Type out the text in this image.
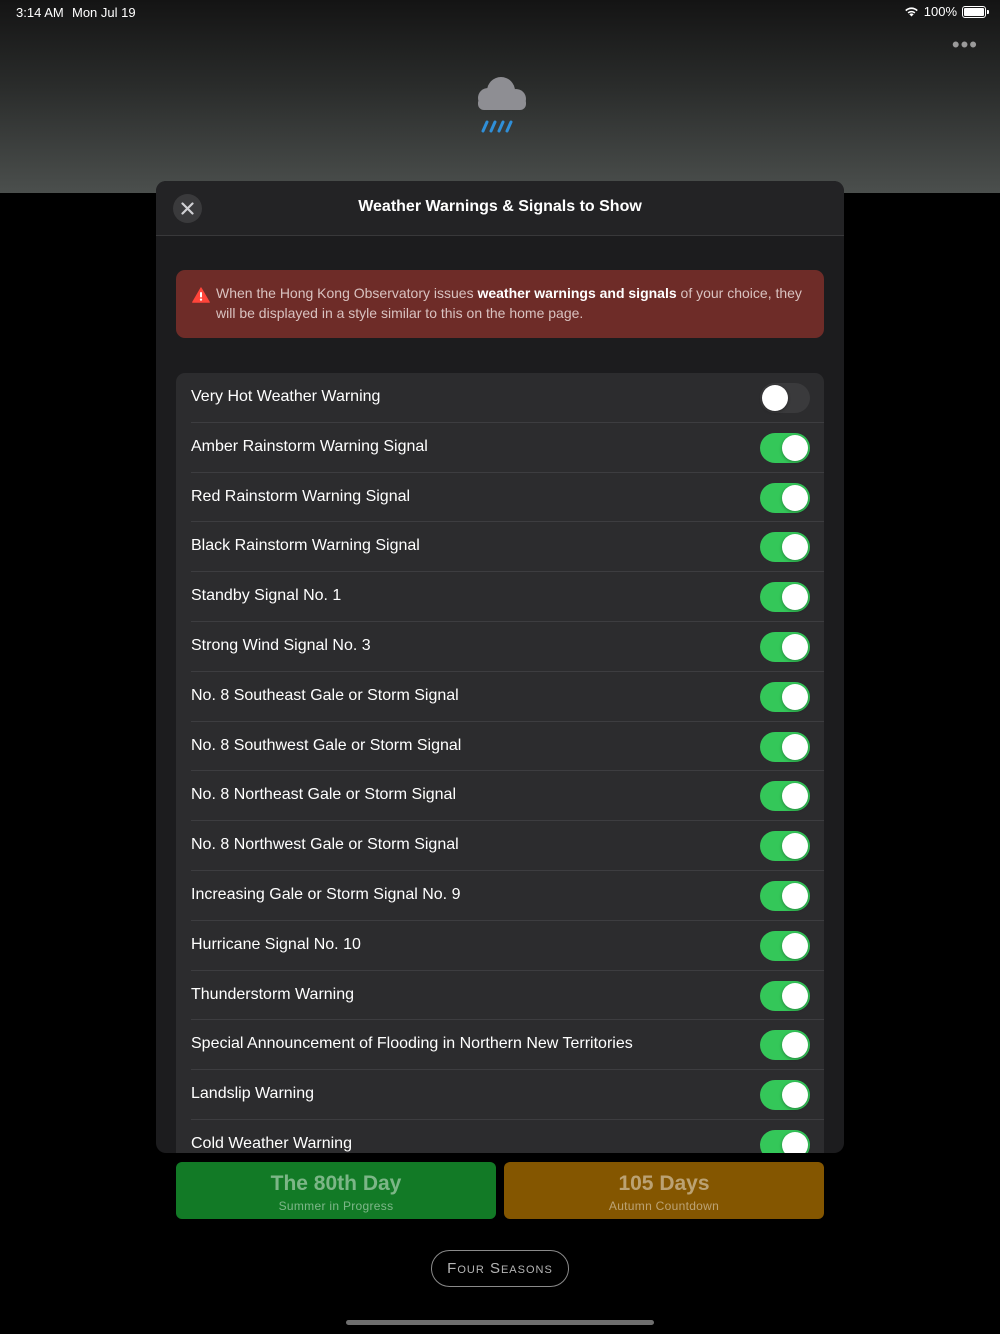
3:14 AM Mon Jul 19	100%
•••
The 80th Day
Summer in Progress
105 Days
Autumn Countdown
Four Seasons
Weather Warnings & Signals to Show
When the Hong Kong Observatory issues weather warnings and signals of your choice, they will be displayed in a style similar to this on the home page.
Very Hot Weather Warning
Amber Rainstorm Warning Signal
Red Rainstorm Warning Signal
Black Rainstorm Warning Signal
Standby Signal No. 1
Strong Wind Signal No. 3
No. 8 Southeast Gale or Storm Signal
No. 8 Southwest Gale or Storm Signal
No. 8 Northeast Gale or Storm Signal
No. 8 Northwest Gale or Storm Signal
Increasing Gale or Storm Signal No. 9
Hurricane Signal No. 10
Thunderstorm Warning
Special Announcement of Flooding in Northern New Territories
Landslip Warning
Cold Weather Warning
